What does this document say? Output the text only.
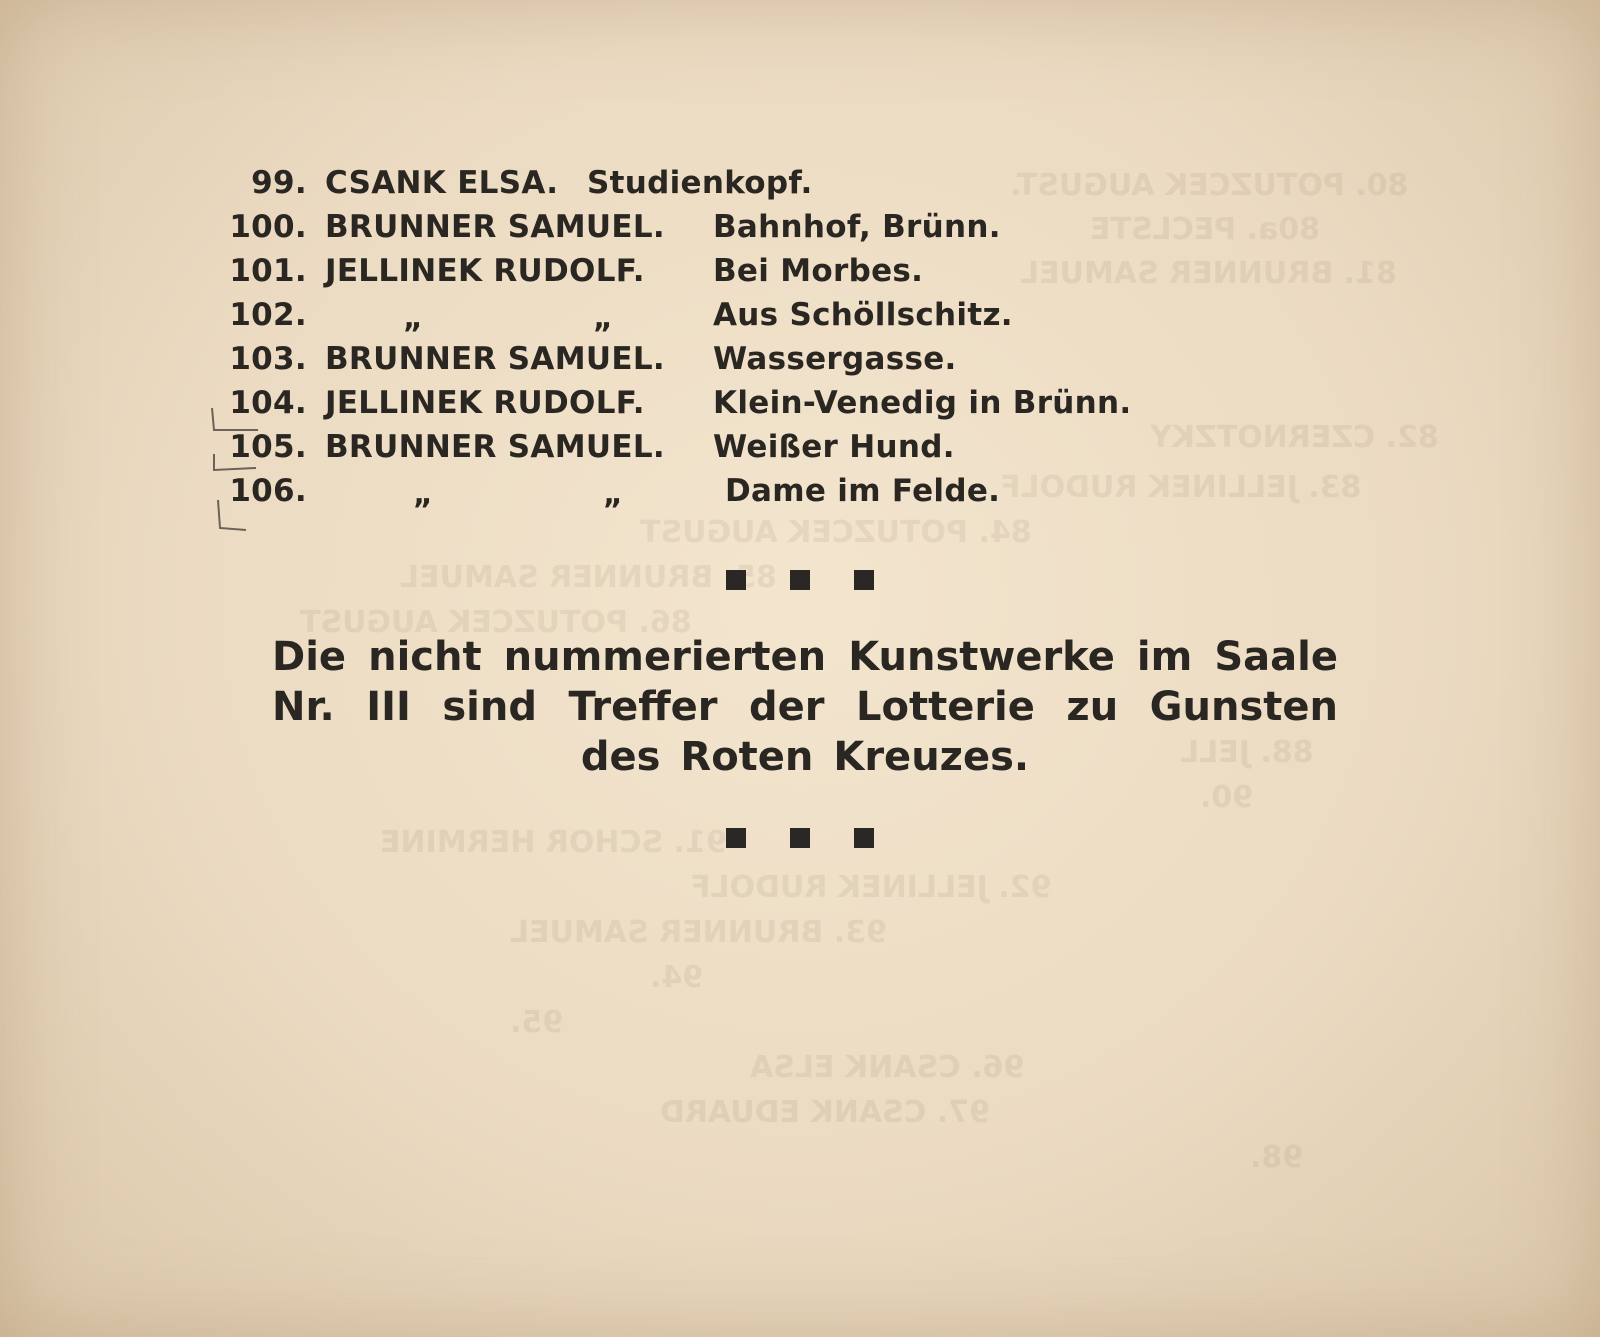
80. POTUZCEK AUGUST.
80a. PECLSTE
81. BRUNNER SAMUEL
82. CZERNOTZKY
83. JELLINEK RUDOLF
84. POTUZCEK AUGUST
85. BRUNNER SAMUEL
86. POTUZCEK AUGUST
88. JELL
90.
91. SCHOR HERMINE
92. JELLINEK RUDOLF
93. BRUNNER SAMUEL
94.
95.
96. CSANK ELSA
97. CSANK EDUARD
98.
99. CSANK ELSA. Studienkopf.
100. BRUNNER SAMUEL. Bahnhof, Brünn.
101. JELLINEK RUDOLF. Bei Morbes.
102.	„	„	Aus Schöllschitz.
103. BRUNNER SAMUEL. Wassergasse.
104. JELLINEK RUDOLF. Klein-Venedig in Brünn.
105. BRUNNER SAMUEL. Weißer Hund.
106.	„	„	Dame im Felde.
Die nicht nummerierten Kunstwerke im Saale Nr. III sind Treffer der Lotterie zu Gunsten des Roten Kreuzes.
